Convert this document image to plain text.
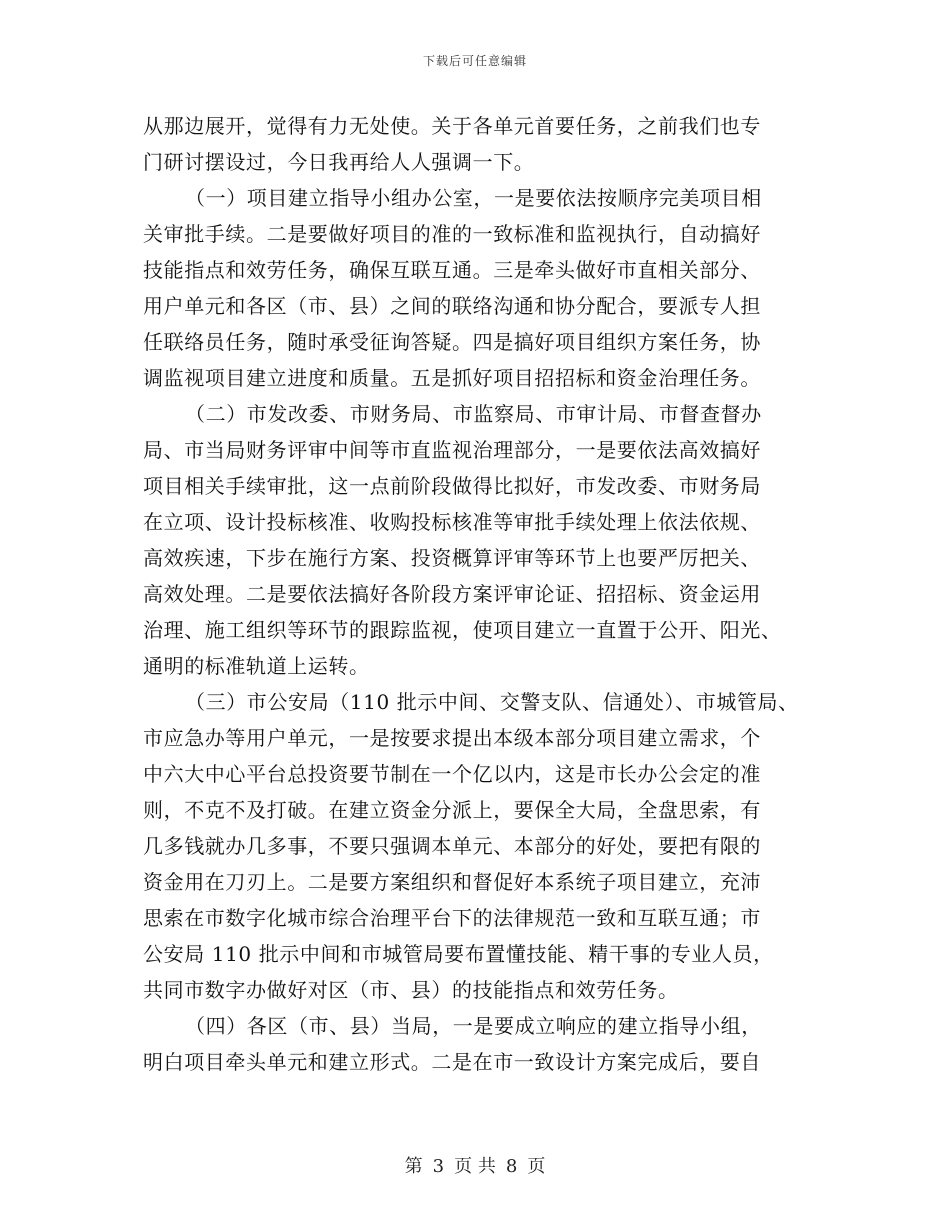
下载后可任意编辑
从那边展开，觉得有力无处使。关于各单元首要任务，之前我们也专
门研讨摆设过，今日我再给人人强调一下。
（一）项目建立指导小组办公室，一是要依法按顺序完美项目相
关审批手续。二是要做好项目的准的一致标准和监视执行，自动搞好
技能指点和效劳任务，确保互联互通。三是牵头做好市直相关部分、
用户单元和各区（市、县）之间的联络沟通和协分配合，要派专人担
任联络员任务，随时承受征询答疑。四是搞好项目组织方案任务，协
调监视项目建立进度和质量。五是抓好项目招招标和资金治理任务。
（二）市发改委、市财务局、市监察局、市审计局、市督查督办
局、市当局财务评审中间等市直监视治理部分，一是要依法高效搞好
项目相关手续审批，这一点前阶段做得比拟好，市发改委、市财务局
在立项、设计投标核准、收购投标核准等审批手续处理上依法依规、
高效疾速，下步在施行方案、投资概算评审等环节上也要严厉把关、
高效处理。二是要依法搞好各阶段方案评审论证、招招标、资金运用
治理、施工组织等环节的跟踪监视，使项目建立一直置于公开、阳光、
通明的标准轨道上运转。
（三）市公安局（110 批示中间、交警支队、信通处）、市城管局、
市应急办等用户单元，一是按要求提出本级本部分项目建立需求，个
中六大中心平台总投资要节制在一个亿以内，这是市长办公会定的准
则，不克不及打破。在建立资金分派上，要保全大局，全盘思索，有
几多钱就办几多事，不要只强调本单元、本部分的好处，要把有限的
资金用在刀刃上。二是要方案组织和督促好本系统子项目建立，充沛
思索在市数字化城市综合治理平台下的法律规范一致和互联互通；市
公安局 110 批示中间和市城管局要布置懂技能、精干事的专业人员，
共同市数字办做好对区（市、县）的技能指点和效劳任务。
（四）各区（市、县）当局，一是要成立响应的建立指导小组，
明白项目牵头单元和建立形式。二是在市一致设计方案完成后，要自
第 3 页 共 8 页
